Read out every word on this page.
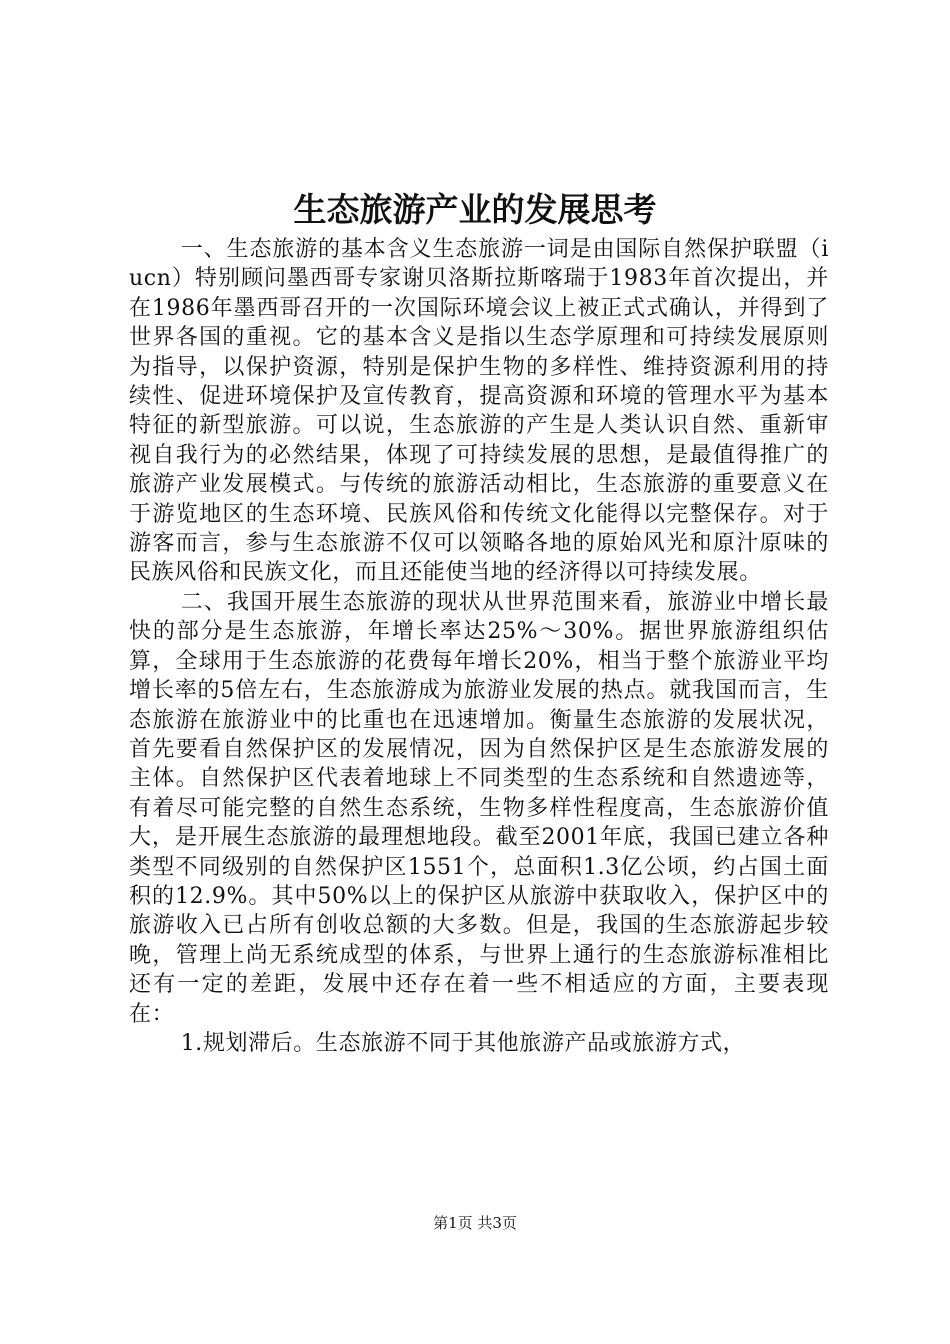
生态旅游产业的发展思考

一、生态旅游的基本含义生态旅游一词是由国际自然保护联盟（iucn）特别顾问墨西哥专家谢贝洛斯拉斯喀瑞于1983年首次提出，并在1986年墨西哥召开的一次国际环境会议上被正式式确认，并得到了世界各国的重视。它的基本含义是指以生态学原理和可持续发展原则为指导，以保护资源，特别是保护生物的多样性、维持资源利用的持续性、促进环境保护及宣传教育，提高资源和环境的管理水平为基本特征的新型旅游。可以说，生态旅游的产生是人类认识自然、重新审视自我行为的必然结果，体现了可持续发展的思想，是最值得推广的旅游产业发展模式。与传统的旅游活动相比，生态旅游的重要意义在于游览地区的生态环境、民族风俗和传统文化能得以完整保存。对于游客而言，参与生态旅游不仅可以领略各地的原始风光和原汁原味的民族风俗和民族文化，而且还能使当地的经济得以可持续发展。

二、我国开展生态旅游的现状从世界范围来看，旅游业中增长最快的部分是生态旅游，年增长率达25%～30%。据世界旅游组织估算，全球用于生态旅游的花费每年增长20%，相当于整个旅游业平均增长率的5倍左右，生态旅游成为旅游业发展的热点。就我国而言，生态旅游在旅游业中的比重也在迅速增加。衡量生态旅游的发展状况，首先要看自然保护区的发展情况，因为自然保护区是生态旅游发展的主体。自然保护区代表着地球上不同类型的生态系统和自然遗迹等，有着尽可能完整的自然生态系统，生物多样性程度高，生态旅游价值大，是开展生态旅游的最理想地段。截至2001年底，我国已建立各种类型不同级别的自然保护区1551个，总面积1.3亿公顷，约占国土面积的12.9%。其中50%以上的保护区从旅游中获取收入，保护区中的旅游收入已占所有创收总额的大多数。但是，我国的生态旅游起步较晚，管理上尚无系统成型的体系，与世界上通行的生态旅游标准相比还有一定的差距，发展中还存在着一些不相适应的方面，主要表现在：

1.规划滞后。生态旅游不同于其他旅游产品或旅游方式，

第1页 共3页
